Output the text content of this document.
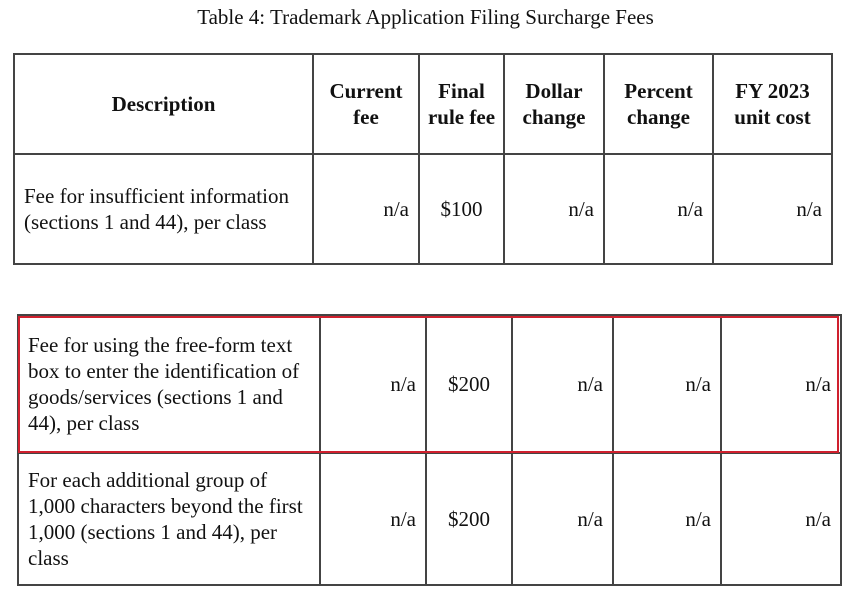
Table 4: Trademark Application Filing Surcharge Fees
Description	Current fee	Final rule fee	Dollar change	Percent change	FY 2023 unit cost
Fee for insufficient information (sections 1 and 44), per class	n/a	$100	n/a	n/a	n/a
Fee for using the free-form text box to enter the identification of goods/services (sections 1 and 44), per class	n/a	$200	n/a	n/a	n/a
For each additional group of 1,000 characters beyond the first 1,000 (sections 1 and 44), per class	n/a	$200	n/a	n/a	n/a
